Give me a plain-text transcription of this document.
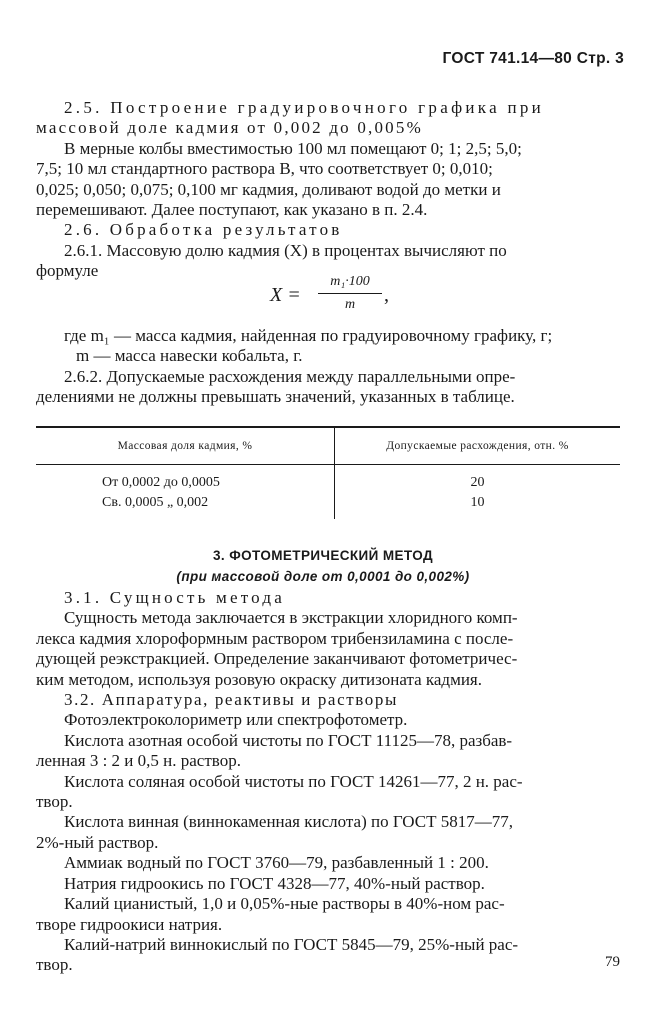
ГОСТ 741.14—80 Стр. 3

2.5. Построение градуировочного графика при

массовой доле кадмия от 0,002 до 0,005%

В мерные колбы вместимостью 100 мл помещают 0; 1; 2,5; 5,0;

7,5; 10 мл стандартного раствора В, что соответствует 0; 0,010;

0,025; 0,050; 0,075; 0,100 мг кадмия, доливают водой до метки и

перемешивают. Далее поступают, как указано в п. 2.4.

2.6. Обработка результатов

2.6.1. Массовую долю кадмия (X) в процентах вычисляют по

формуле

X =
m₁·100
m	,

где m₁ — масса кадмия, найденная по градуировочному графику, г;

m — масса навески кобальта, г.

2.6.2. Допускаемые расхождения между параллельными опре-

делениями не должны превышать значений, указанных в таблице.

Массовая доля кадмия, %	Допускаемые расхождения, отн. %

От 0,0002 до 0,0005	20
Св. 0,0005 „ 0,002	10

3. ФОТОМЕТРИЧЕСКИЙ МЕТОД
(при массовой доле от 0,0001 до 0,002%)

3.1. Сущность метода

Сущность метода заключается в экстракции хлоридного комп-

лекса кадмия хлороформным раствором трибензиламина с после-

дующей реэкстракцией. Определение заканчивают фотометричес-

ким методом, используя розовую окраску дитизоната кадмия.

3.2. Аппаратура, реактивы и растворы

Фотоэлектроколориметр или спектрофотометр.

Кислота азотная особой чистоты по ГОСТ 11125—78, разбав-

ленная 3 : 2 и 0,5 н. раствор.

Кислота соляная особой чистоты по ГОСТ 14261—77, 2 н. рас-

твор.

Кислота винная (виннокаменная кислота) по ГОСТ 5817—77,

2%-ный раствор.

Аммиак водный по ГОСТ 3760—79, разбавленный 1 : 200.

Натрия гидроокись по ГОСТ 4328—77, 40%-ный раствор.

Калий цианистый, 1,0 и 0,05%-ные растворы в 40%-ном рас-

творе гидроокиси натрия.

Калий-натрий виннокислый по ГОСТ 5845—79, 25%-ный рас-

твор.	79
